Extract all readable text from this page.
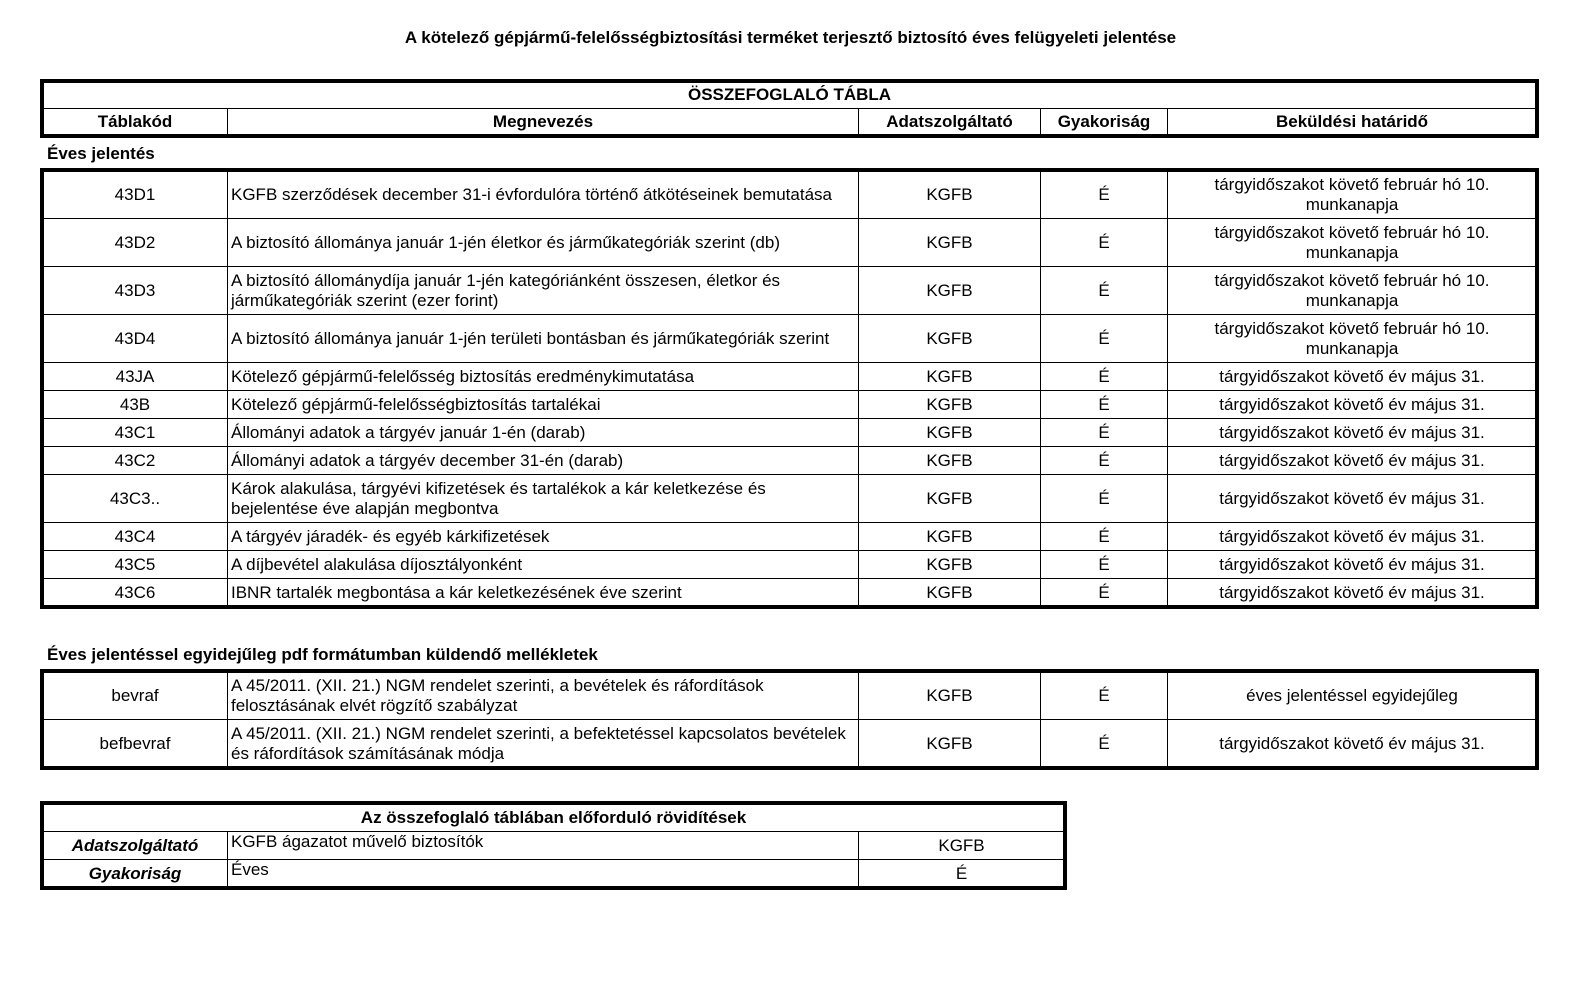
A kötelező gépjármű-felelősségbiztosítási terméket terjesztő biztosító éves felügyeleti jelentése
ÖSSZEFOGLALÓ TÁBLA
Táblakód	Megnevezés	Adatszolgáltató	Gyakoriság	Beküldési határidő
Éves jelentés
43D1	KGFB szerződések december 31-i évfordulóra történő átkötéseinek bemutatása	KGFB	É	tárgyidőszakot követő február hó 10. munkanapja
43D2	A biztosító állománya január 1-jén életkor és járműkategóriák szerint (db)	KGFB	É	tárgyidőszakot követő február hó 10. munkanapja
43D3	A biztosító állománydíja január 1-jén kategóriánként összesen, életkor és járműkategóriák szerint (ezer forint)	KGFB	É	tárgyidőszakot követő február hó 10. munkanapja
43D4	A biztosító állománya január 1-jén területi bontásban és járműkategóriák szerint	KGFB	É	tárgyidőszakot követő február hó 10. munkanapja
43JA	Kötelező gépjármű-felelősség biztosítás eredménykimutatása	KGFB	É	tárgyidőszakot követő év május 31.
43B	Kötelező gépjármű-felelősségbiztosítás tartalékai	KGFB	É	tárgyidőszakot követő év május 31.
43C1	Állományi adatok a tárgyév január 1-én (darab)	KGFB	É	tárgyidőszakot követő év május 31.
43C2	Állományi adatok a tárgyév december 31-én (darab)	KGFB	É	tárgyidőszakot követő év május 31.
43C3..	Károk alakulása, tárgyévi kifizetések és tartalékok a kár keletkezése és bejelentése éve alapján megbontva	KGFB	É	tárgyidőszakot követő év május 31.
43C4	A tárgyév járadék- és egyéb kárkifizetések	KGFB	É	tárgyidőszakot követő év május 31.
43C5	A díjbevétel alakulása díjosztályonként	KGFB	É	tárgyidőszakot követő év május 31.
43C6	IBNR tartalék megbontása a kár keletkezésének éve szerint	KGFB	É	tárgyidőszakot követő év május 31.
Éves jelentéssel egyidejűleg pdf formátumban küldendő mellékletek
bevraf	A 45/2011. (XII. 21.) NGM rendelet szerinti, a bevételek és ráfordítások felosztásának elvét rögzítő szabályzat	KGFB	É	éves jelentéssel egyidejűleg
befbevraf	A 45/2011. (XII. 21.) NGM rendelet szerinti, a befektetéssel kapcsolatos bevételek és ráfordítások számításának módja	KGFB	É	tárgyidőszakot követő év május 31.
Az összefoglaló táblában előforduló rövidítések		
Adatszolgáltató	KGFB ágazatot művelő biztosítók	KGFB
Gyakoriság	Éves	É
